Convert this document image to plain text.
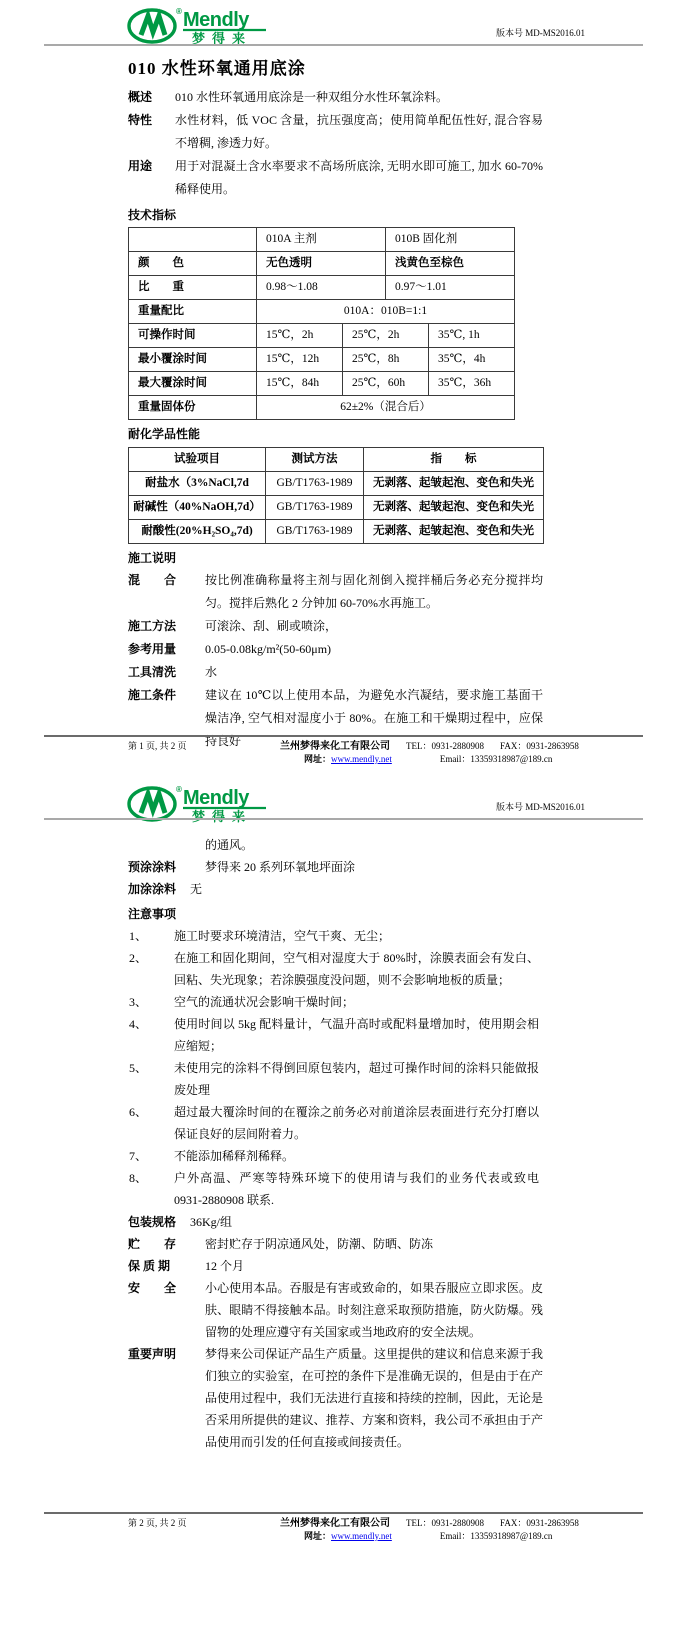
® Mendly
梦得来	版本号 MD-MS2016.01
010 水性环氧通用底涂
概述	010 水性环氧通用底涂是一种双组分水性环氧涂料。
特性	水性材料，低 VOC 含量，抗压强度高；使用简单配伍性好, 混合容易不增稠, 渗透力好。
用途	用于对混凝土含水率要求不高场所底涂, 无明水即可施工, 加水 60-70%稀释使用。
技术指标
	010A 主剂		010B 固化剂	
颜　　色	无色透明		浅黄色至棕色	
比　　重	0.98～1.08		0.97～1.01	
重量配比	010A：010B=1:1			
可操作时间	15℃，2h	25℃，2h		35℃, 1h
最小覆涂时间	15℃，12h	25℃，8h		35℃，4h
最大覆涂时间	15℃，84h	25℃，60h		35℃，36h
重量固体份	62±2%（混合后）			
耐化学品性能
试验项目	测试方法	指　　标
耐盐水（3%NaCl,7d	GB/T1763-1989	无剥落、起皱起泡、变色和失光
耐碱性（40%NaOH,7d）	GB/T1763-1989	无剥落、起皱起泡、变色和失光
耐酸性(20%H₂SO₄,7d)	GB/T1763-1989	无剥落、起皱起泡、变色和失光
施工说明
混　　合	按比例准确称量将主剂与固化剂倒入搅拌桶后务必充分搅拌均匀。搅拌后熟化 2 分钟加 60-70%水再施工。
施工方法	可滚涂、刮、刷或喷涂，
参考用量	0.05-0.08kg/m²(50-60μm)
工具清洗	水
施工条件	建议在 10℃以上使用本品，为避免水汽凝结，要求施工基面干燥洁净, 空气相对湿度小于 80%。在施工和干燥期过程中，应保持良好
第 1 页, 共 2 页	兰州梦得来化工有限公司 TEL：0931-2880908 FAX：0931-2863958
网址：www.mendly.net	Email：13359318987@189.cn
® Mendly
梦得来
版本号 MD-MS2016.01
的通风。
预涂涂料	梦得来 20 系列环氧地坪面涂
加涂涂料	无
注意事项
1、	施工时要求环境清洁，空气干爽、无尘；
2、	在施工和固化期间，空气相对湿度大于 80%时，涂膜表面会有发白、回粘、失光现象；若涂膜强度没问题，则不会影响地板的质量；
3、	空气的流通状况会影响干燥时间；
4、	使用时间以 5kg 配料量计，气温升高时或配料量增加时，使用期会相应缩短；
5、	未使用完的涂料不得倒回原包装内，超过可操作时间的涂料只能做报废处理
6、	超过最大覆涂时间的在覆涂之前务必对前道涂层表面进行充分打磨以保证良好的层间附着力。
7、	不能添加稀释剂稀释。
8、	户外高温、严寒等特殊环境下的使用请与我们的业务代表或致电 0931-2880908 联系.
包装规格	36Kg/组
贮　　存	密封贮存于阴凉通风处，防潮、防晒、防冻
保 质 期	12 个月
安　　全	小心使用本品。吞服是有害或致命的，如果吞服应立即求医。皮肤、眼睛不得接触本品。时刻注意采取预防措施，防火防爆。残留物的处理应遵守有关国家或当地政府的安全法规。
重要声明	梦得来公司保证产品生产质量。这里提供的建议和信息来源于我们独立的实验室，在可控的条件下是准确无误的，但是由于在产品使用过程中，我们无法进行直接和持续的控制，因此，无论是否采用所提供的建议、推荐、方案和资料，我公司不承担由于产品使用而引发的任何直接或间接责任。
第 2 页, 共 2 页	兰州梦得来化工有限公司 TEL：0931-2880908 FAX：0931-2863958
网址：www.mendly.net	Email：13359318987@189.cn
